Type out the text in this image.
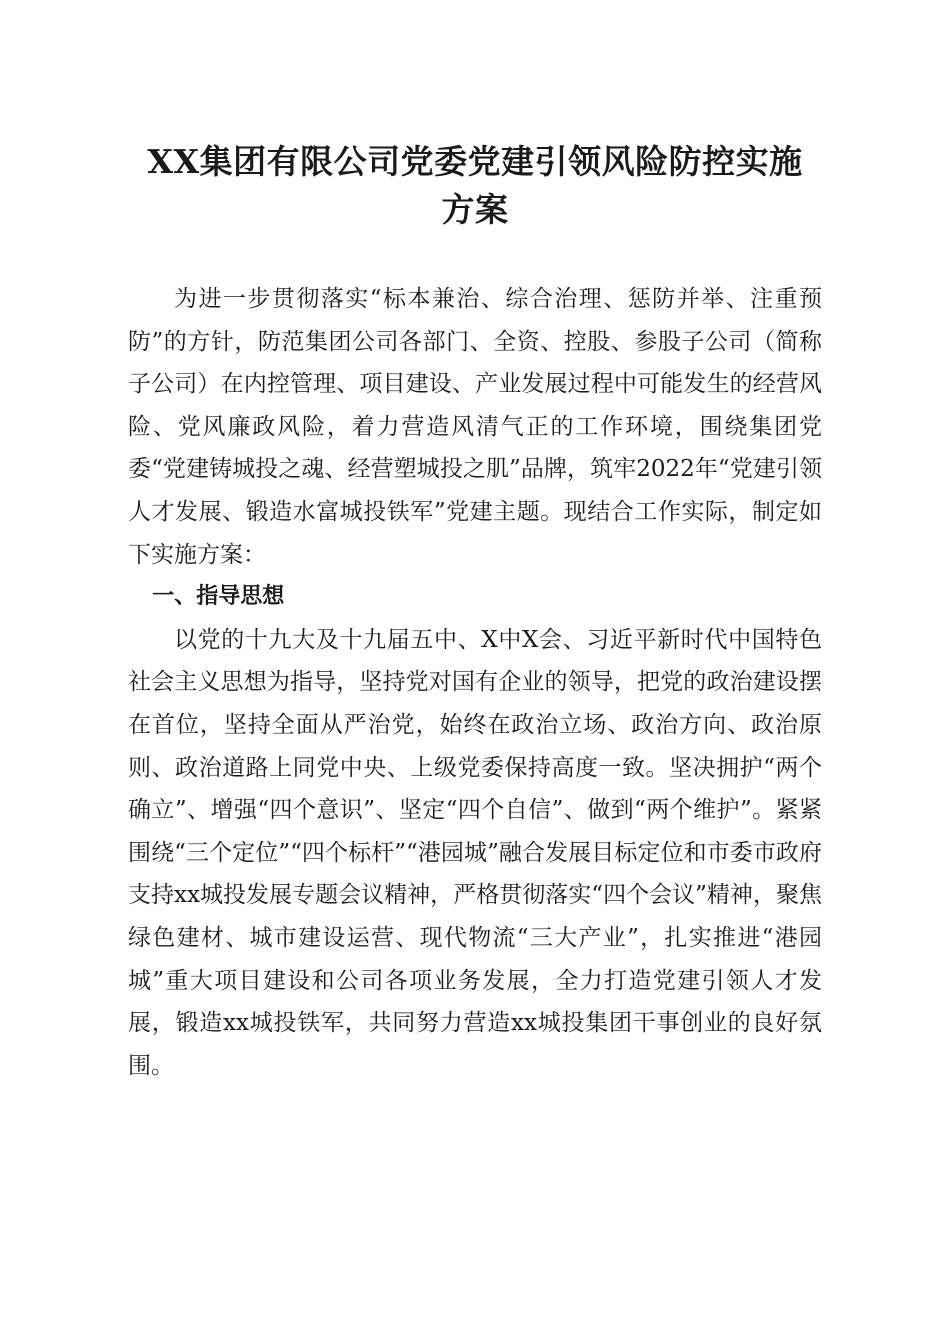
XX集团有限公司党委党建引领风险防控实施
方案

为进一步贯彻落实“标本兼治、综合治理、惩防并举、注重预防”的方针，防范集团公司各部门、全资、控股、参股子公司（简称子公司）在内控管理、项目建设、产业发展过程中可能发生的经营风险、党风廉政风险，着力营造风清气正的工作环境，围绕集团党委“党建铸城投之魂、经营塑城投之肌”品牌，筑牢2022年“党建引领人才发展、锻造水富城投铁军”党建主题。现结合工作实际，制定如下实施方案：

一、指导思想

以党的十九大及十九届五中、X中X会、习近平新时代中国特色社会主义思想为指导，坚持党对国有企业的领导，把党的政治建设摆在首位，坚持全面从严治党，始终在政治立场、政治方向、政治原则、政治道路上同党中央、上级党委保持高度一致。坚决拥护“两个确立”、增强“四个意识”、坚定“四个自信”、做到“两个维护”。紧紧围绕“三个定位”“四个标杆”“港园城”融合发展目标定位和市委市政府支持xx城投发展专题会议精神，严格贯彻落实“四个会议”精神，聚焦绿色建材、城市建设运营、现代物流“三大产业”，扎实推进“港园城”重大项目建设和公司各项业务发展，全力打造党建引领人才发展，锻造xx城投铁军，共同努力营造xx城投集团干事创业的良好氛围。
